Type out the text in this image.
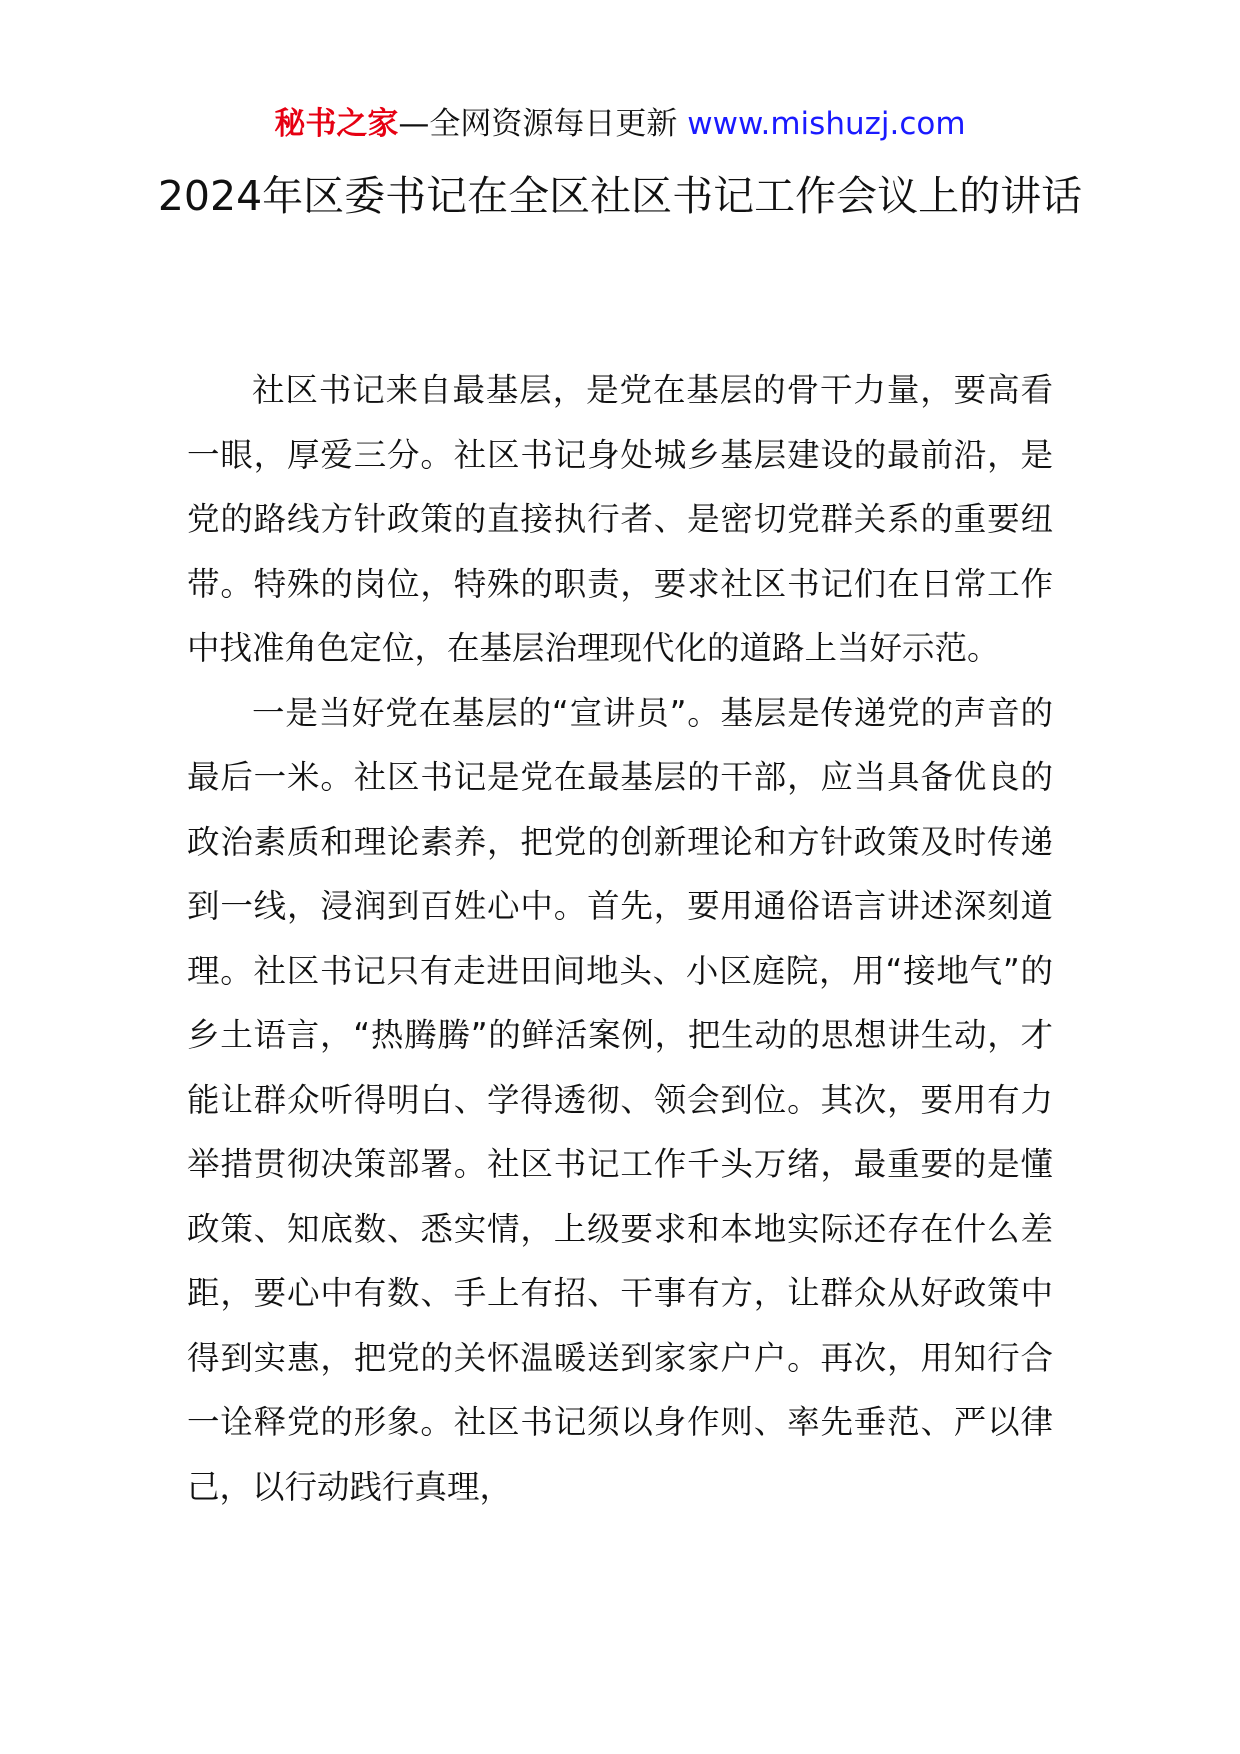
秘书之家—全网资源每日更新 www.mishuzj.com
2024年区委书记在全区社区书记工作会议上的讲话

社区书记来自最基层，是党在基层的骨干力量，要高看一眼，厚爱三分。社区书记身处城乡基层建设的最前沿，是党的路线方针政策的直接执行者、是密切党群关系的重要纽带。特殊的岗位，特殊的职责，要求社区书记们在日常工作中找准角色定位，在基层治理现代化的道路上当好示范。

一是当好党在基层的“宣讲员”。基层是传递党的声音的最后一米。社区书记是党在最基层的干部，应当具备优良的政治素质和理论素养，把党的创新理论和方针政策及时传递到一线，浸润到百姓心中。首先，要用通俗语言讲述深刻道理。社区书记只有走进田间地头、小区庭院，用“接地气”的乡土语言，“热腾腾”的鲜活案例，把生动的思想讲生动，才能让群众听得明白、学得透彻、领会到位。其次，要用有力举措贯彻决策部署。社区书记工作千头万绪，最重要的是懂政策、知底数、悉实情，上级要求和本地实际还存在什么差距，要心中有数、手上有招、干事有方，让群众从好政策中得到实惠，把党的关怀温暖送到家家户户。再次，用知行合一诠释党的形象。社区书记须以身作则、率先垂范、严以律己，以行动践行真理，
